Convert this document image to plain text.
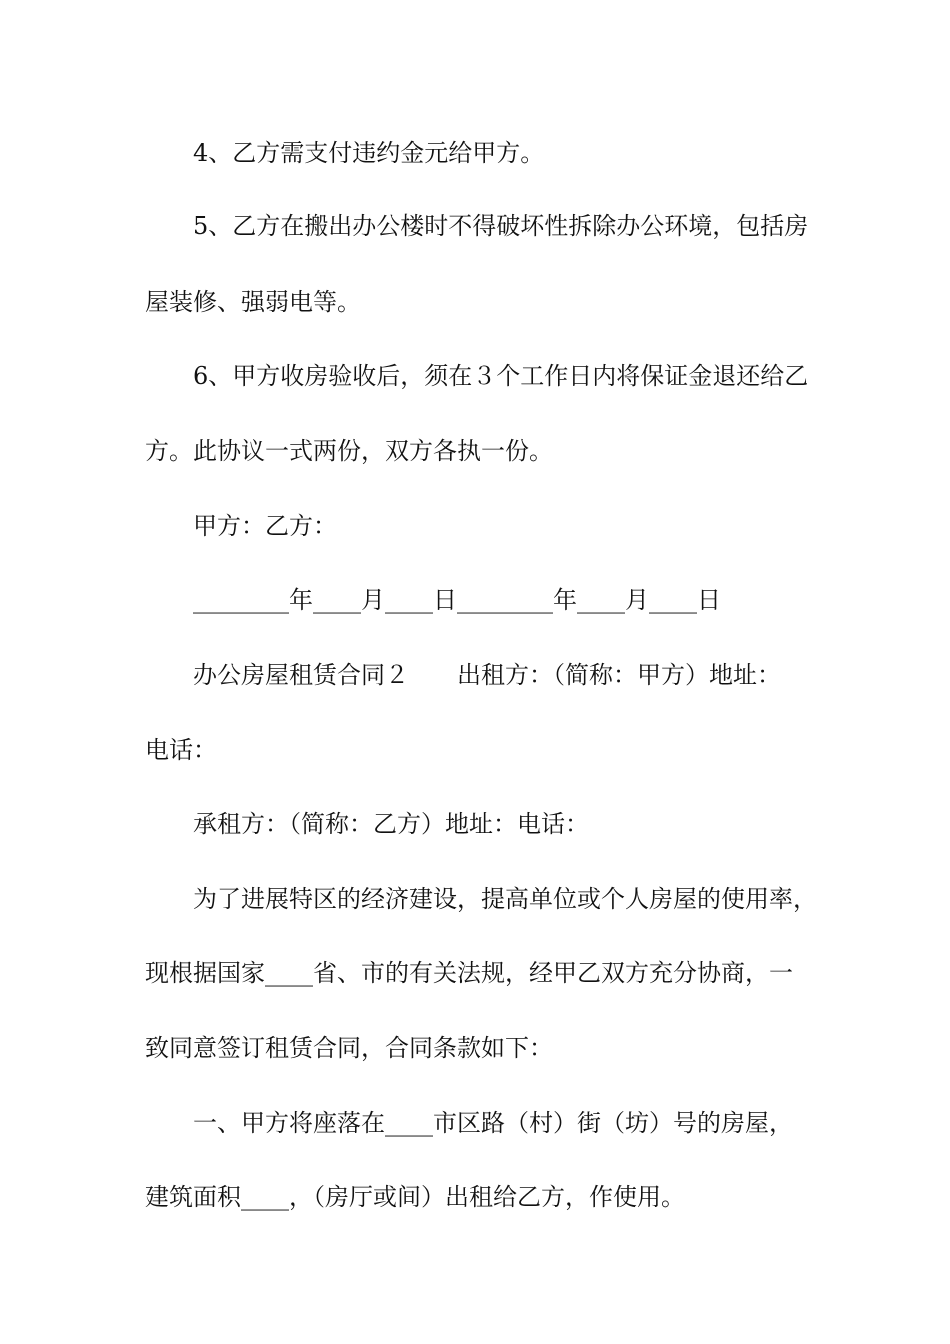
4、乙方需支付违约金元给甲方。
5、乙方在搬出办公楼时不得破坏性拆除办公环境，包括房
屋装修、强弱电等。
6、甲方收房验收后，须在３个工作日内将保证金退还给乙
方。此协议一式两份，双方各执一份。
甲方：乙方：
________年____月____日________年____月____日
办公房屋租赁合同２　　出租方：（简称：甲方）地址：
电话：
承租方：（简称：乙方）地址：电话：
为了进展特区的经济建设，提高单位或个人房屋的使用率，
现根据国家____省、市的有关法规，经甲乙双方充分协商，一
致同意签订租赁合同，合同条款如下：
一、甲方将座落在____市区路（村）街（坊）号的房屋，
建筑面积____，（房厅或间）出租给乙方，作使用。
